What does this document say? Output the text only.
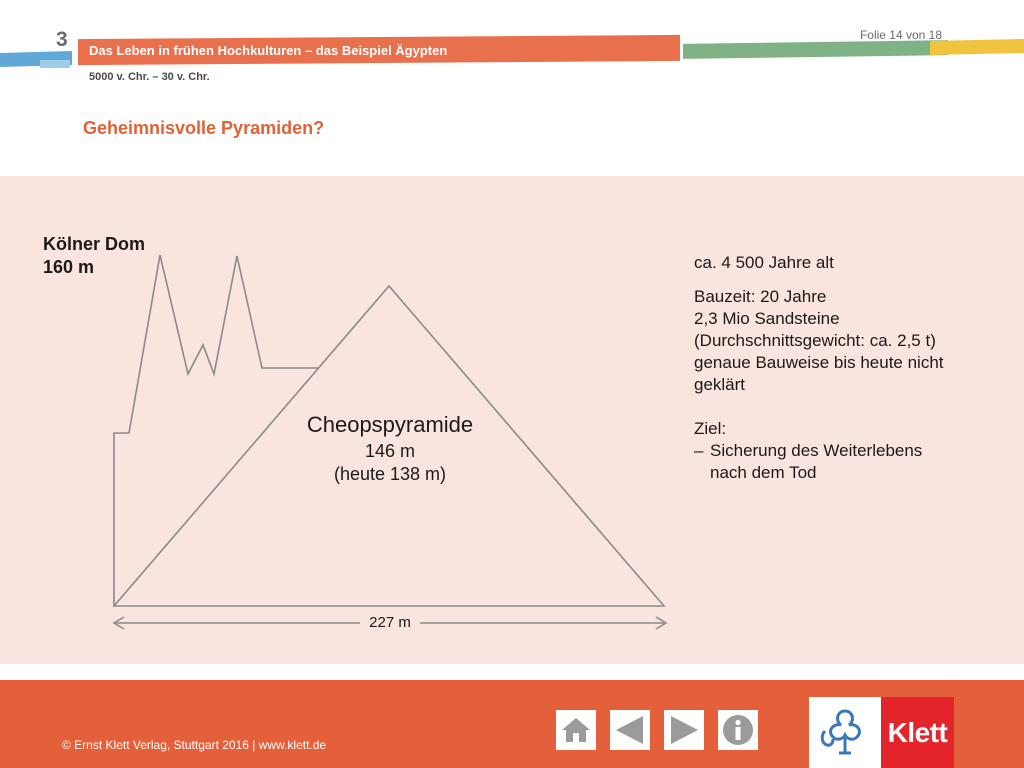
3	Folie 14 von 18
Das Leben in frühen Hochkulturen – das Beispiel Ägypten
5000 v. Chr. – 30 v. Chr.
Geheimnisvolle Pyramiden?
Kölner Dom
160 m
Cheopspyramide
146 m
(heute 138 m)
227 m
ca. 4 500 Jahre alt
Bauzeit: 20 Jahre
2,3 Mio Sandsteine
(Durchschnittsgewicht: ca. 2,5 t)
genaue Bauweise bis heute nicht
geklärt
Ziel:
– Sicherung des Weiterlebens
nach dem Tod
© Ernst Klett Verlag, Stuttgart 2016 | www.klett.de	Klett
